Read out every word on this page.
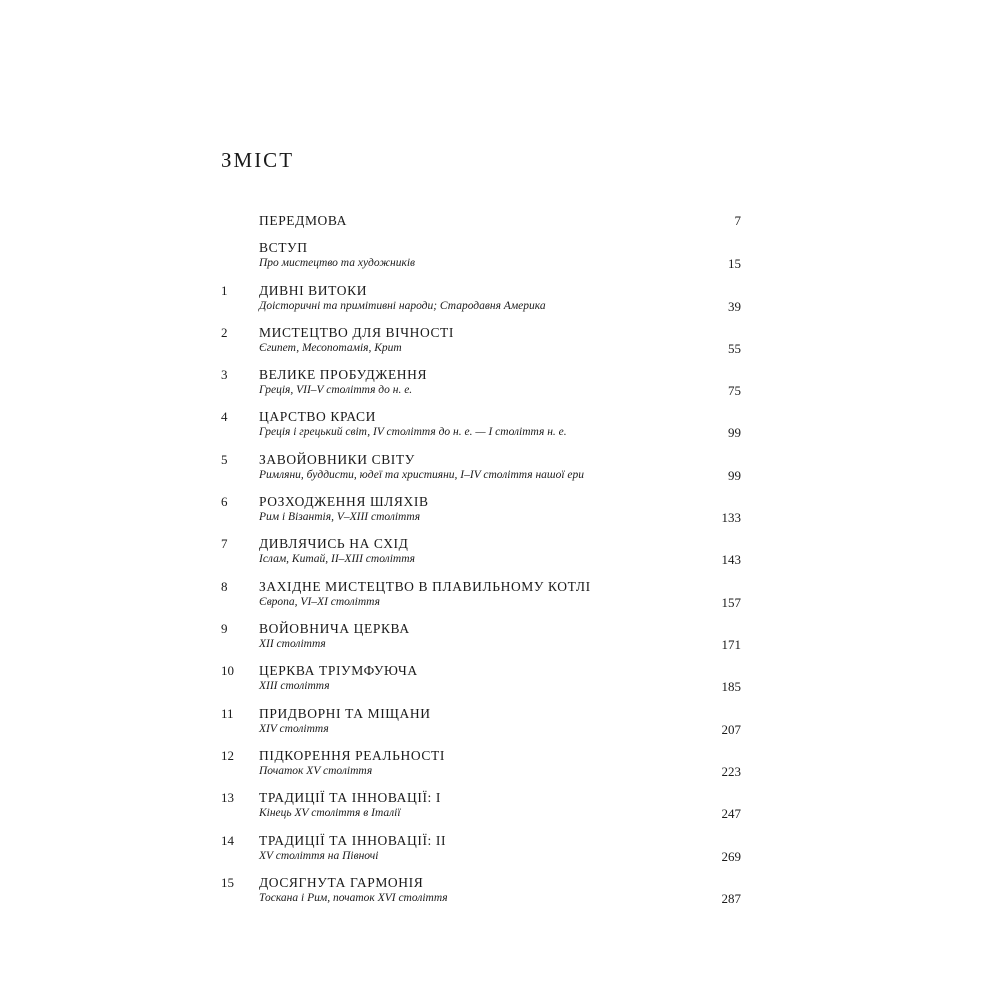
ЗМІСТ
ПЕРЕДМОВА	7
ВСТУП
Про мистецтво та художників	15
1 ДИВНІ ВИТОКИ
Доісторичні та примітивні народи; Стародавня Америка	39
2 МИСТЕЦТВО ДЛЯ ВІЧНОСТІ
Єгипет, Месопотамія, Крит	55
3 ВЕЛИКЕ ПРОБУДЖЕННЯ
Греція, VII–V століття до н. е.	75
4 ЦАРСТВО КРАСИ
Греція і грецький світ, IV століття до н. е. — I століття н. е.	99
5 ЗАВОЙОВНИКИ СВІТУ
Римляни, буддисти, юдеї та християни, I–IV століття нашої ери	99
6 РОЗХОДЖЕННЯ ШЛЯХІВ
Рим і Візантія, V–XIII століття	133
7 ДИВЛЯЧИСЬ НА СХІД
Іслам, Китай, II–XIII століття	143
8 ЗАХІДНЕ МИСТЕЦТВО В ПЛАВИЛЬНОМУ КОТЛІ
Європа, VI–XI століття	157
9 ВОЙОВНИЧА ЦЕРКВА
XII століття	171
10 ЦЕРКВА ТРІУМФУЮЧА
XIII століття	185
11 ПРИДВОРНІ ТА МІЩАНИ
XIV століття	207
12 ПІДКОРЕННЯ РЕАЛЬНОСТІ
Початок XV століття	223
13 ТРАДИЦІЇ ТА ІННОВАЦІЇ: I
Кінець XV століття в Італії	247
14 ТРАДИЦІЇ ТА ІННОВАЦІЇ: II
XV століття на Півночі	269
15 ДОСЯГНУТА ГАРМОНІЯ
Тоскана і Рим, початок XVI століття	287
